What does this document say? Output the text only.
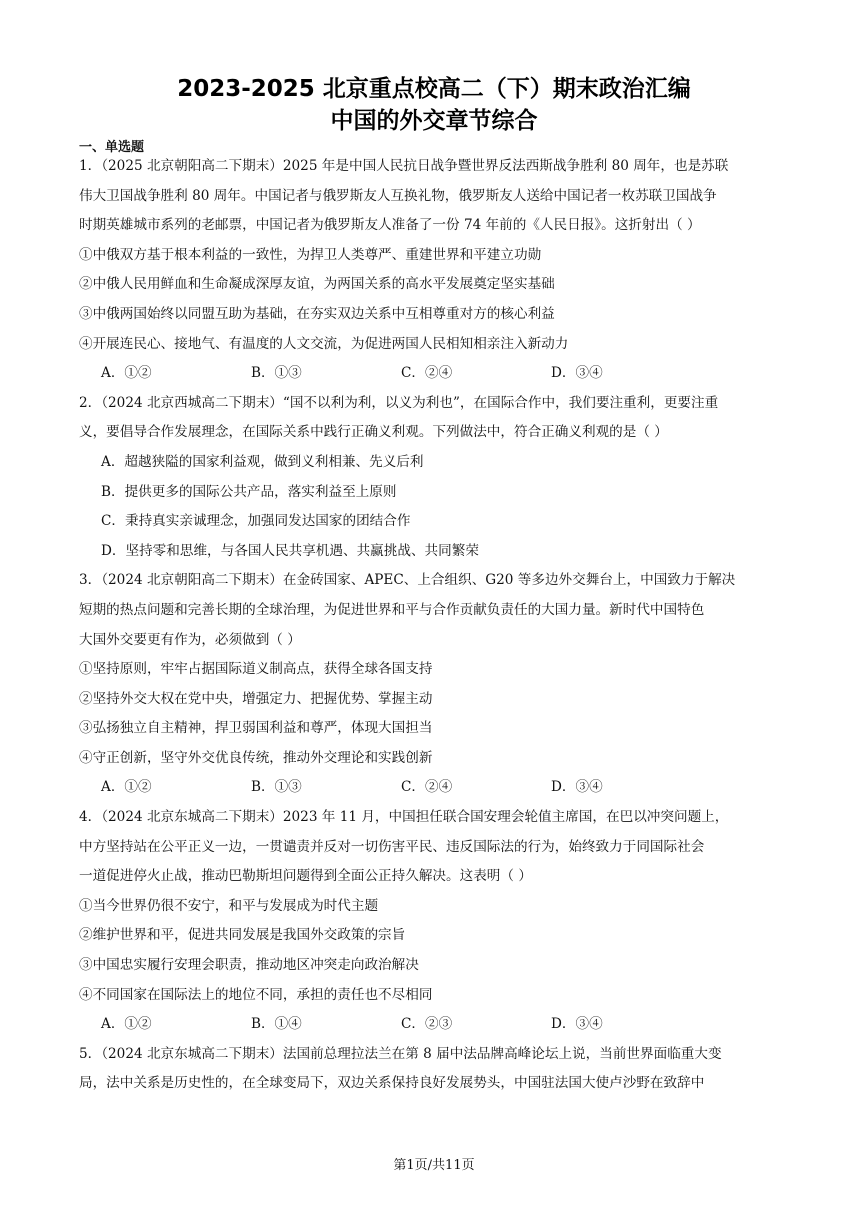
2023-2025 北京重点校高二（下）期末政治汇编
中国的外交章节综合
一、单选题
1．（2025 北京朝阳高二下期末）2025 年是中国人民抗日战争暨世界反法西斯战争胜利 80 周年，也是苏联
伟大卫国战争胜利 80 周年。中国记者与俄罗斯友人互换礼物，俄罗斯友人送给中国记者一枚苏联卫国战争
时期英雄城市系列的老邮票，中国记者为俄罗斯友人准备了一份 74 年前的《人民日报》。这折射出（ ）
①中俄双方基于根本利益的一致性，为捍卫人类尊严、重建世界和平建立功勋
②中俄人民用鲜血和生命凝成深厚友谊，为两国关系的高水平发展奠定坚实基础
③中俄两国始终以同盟互助为基础，在夯实双边关系中互相尊重对方的核心利益
④开展连民心、接地气、有温度的人文交流，为促进两国人民相知相亲注入新动力
A．①②	B．①③	C．②④	D．③④
2．（2024 北京西城高二下期末）“国不以利为利，以义为利也”，在国际合作中，我们要注重利，更要注重
义，要倡导合作发展理念，在国际关系中践行正确义利观。下列做法中，符合正确义利观的是（ ）
A．超越狭隘的国家利益观，做到义利相兼、先义后利
B．提供更多的国际公共产品，落实利益至上原则
C．秉持真实亲诚理念，加强同发达国家的团结合作
D．坚持零和思维，与各国人民共享机遇、共赢挑战、共同繁荣
3．（2024 北京朝阳高二下期末）在金砖国家、APEC、上合组织、G20 等多边外交舞台上，中国致力于解决
短期的热点问题和完善长期的全球治理，为促进世界和平与合作贡献负责任的大国力量。新时代中国特色
大国外交要更有作为，必须做到（ ）
①坚持原则，牢牢占据国际道义制高点，获得全球各国支持
②坚持外交大权在党中央，增强定力、把握优势、掌握主动
③弘扬独立自主精神，捍卫弱国利益和尊严，体现大国担当
④守正创新，坚守外交优良传统，推动外交理论和实践创新
A．①②	B．①③	C．②④	D．③④
4．（2024 北京东城高二下期末）2023 年 11 月，中国担任联合国安理会轮值主席国，在巴以冲突问题上，
中方坚持站在公平正义一边，一贯谴责并反对一切伤害平民、违反国际法的行为，始终致力于同国际社会
一道促进停火止战，推动巴勒斯坦问题得到全面公正持久解决。这表明（ ）
①当今世界仍很不安宁，和平与发展成为时代主题
②维护世界和平，促进共同发展是我国外交政策的宗旨
③中国忠实履行安理会职责，推动地区冲突走向政治解决
④不同国家在国际法上的地位不同，承担的责任也不尽相同
A．①②	B．①④	C．②③	D．③④
5．（2024 北京东城高二下期末）法国前总理拉法兰在第 8 届中法品牌高峰论坛上说，当前世界面临重大变
局，法中关系是历史性的，在全球变局下，双边关系保持良好发展势头，中国驻法国大使卢沙野在致辞中
第1页/共11页
